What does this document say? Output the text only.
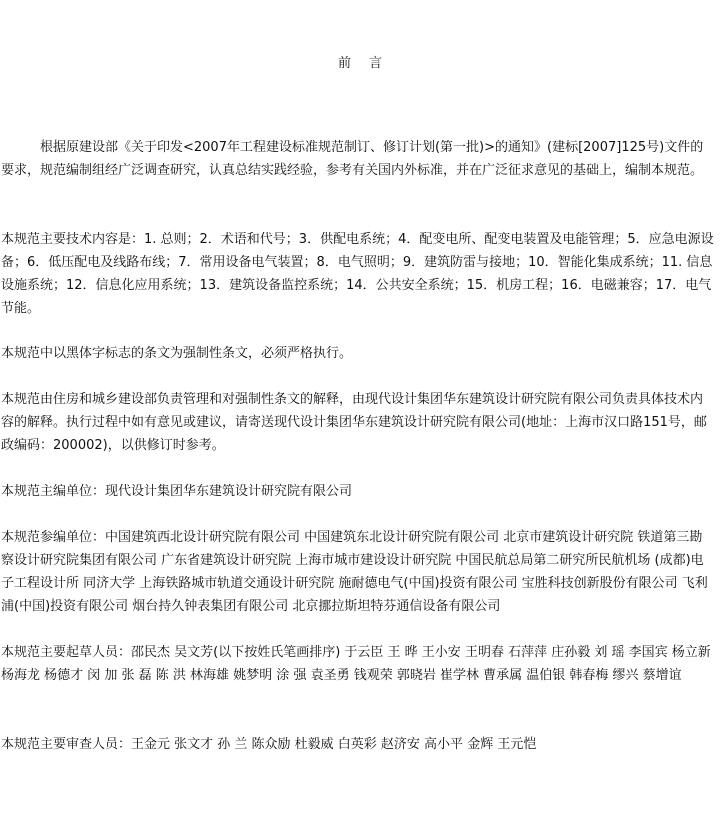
前言

　　　根据原建设部《关于印发<2007年工程建设标准规范制订、修订计划(第一批)>的通知》(建标[2007]125号)文件的要求，规范编制组经广泛调查研究，认真总结实践经验，参考有关国内外标准，并在广泛征求意见的基础上，编制本规范。

本规范主要技术内容是：1. 总则；2．术语和代号；3．供配电系统；4．配变电所、配变电装置及电能管理；5．应急电源设备；6．低压配电及线路布线；7．常用设备电气装置；8．电气照明；9．建筑防雷与接地；10．智能化集成系统；11. 信息设施系统；12．信息化应用系统；13．建筑设备监控系统；14．公共安全系统；15．机房工程；16．电磁兼容；17．电气节能。

本规范中以黑体字标志的条文为强制性条文，必须严格执行。

本规范由住房和城乡建设部负责管理和对强制性条文的解释，由现代设计集团华东建筑设计研究院有限公司负责具体技术内容的解释。执行过程中如有意见或建议，请寄送现代设计集团华东建筑设计研究院有限公司(地址：上海市汉口路151号，邮政编码：200002)，以供修订时参考。

本规范主编单位：现代设计集团华东建筑设计研究院有限公司

本规范参编单位：中国建筑西北设计研究院有限公司 中国建筑东北设计研究院有限公司 北京市建筑设计研究院 铁道第三勘察设计研究院集团有限公司 广东省建筑设计研究院 上海市城市建设设计研究院 中国民航总局第二研究所民航机场 (成都)电子工程设计所 同济大学 上海铁路城市轨道交通设计研究院 施耐德电气(中国)投资有限公司 宝胜科技创新股份有限公司 飞利浦(中国)投资有限公司 烟台持久钟表集团有限公司 北京挪拉斯坦特芬通信设备有限公司

本规范主要起草人员：邵民杰 吴文芳(以下按姓氏笔画排序) 于云臣 王 晔 王小安 王明春 石萍萍 庄孙毅 刘 瑶 李国宾 杨立新 杨海龙 杨德才 闵 加 张 磊 陈 洪 林海雄 姚梦明 涂 强 袁圣勇 钱观荣 郭晓岩 崔学林 曹承属 温伯银 韩春梅 缪兴 蔡增谊

本规范主要审查人员：王金元 张文才 孙 兰 陈众励 杜毅威 白英彩 赵济安 高小平 金辉 王元恺
